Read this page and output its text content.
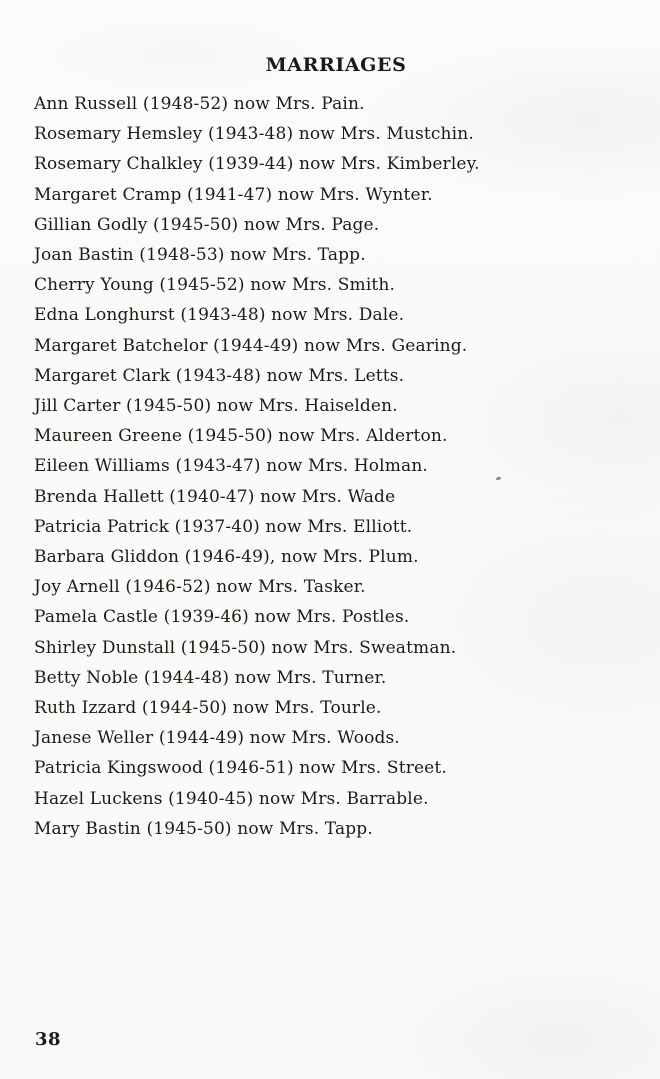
MARRIAGES
Ann Russell (1948-52) now Mrs. Pain.
Rosemary Hemsley (1943-48) now Mrs. Mustchin.
Rosemary Chalkley (1939-44) now Mrs. Kimberley.
Margaret Cramp (1941-47) now Mrs. Wynter.
Gillian Godly (1945-50) now Mrs. Page.
Joan Bastin (1948-53) now Mrs. Tapp.
Cherry Young (1945-52) now Mrs. Smith.
Edna Longhurst (1943-48) now Mrs. Dale.
Margaret Batchelor (1944-49) now Mrs. Gearing.
Margaret Clark (1943-48) now Mrs. Letts.
Jill Carter (1945-50) now Mrs. Haiselden.
Maureen Greene (1945-50) now Mrs. Alderton.
Eileen Williams (1943-47) now Mrs. Holman.
Brenda Hallett (1940-47) now Mrs. Wade
Patricia Patrick (1937-40) now Mrs. Elliott.
Barbara Gliddon (1946-49), now Mrs. Plum.
Joy Arnell (1946-52) now Mrs. Tasker.
Pamela Castle (1939-46) now Mrs. Postles.
Shirley Dunstall (1945-50) now Mrs. Sweatman.
Betty Noble (1944-48) now Mrs. Turner.
Ruth Izzard (1944-50) now Mrs. Tourle.
Janese Weller (1944-49) now Mrs. Woods.
Patricia Kingswood (1946-51) now Mrs. Street.
Hazel Luckens (1940-45) now Mrs. Barrable.
Mary Bastin (1945-50) now Mrs. Tapp.
38
